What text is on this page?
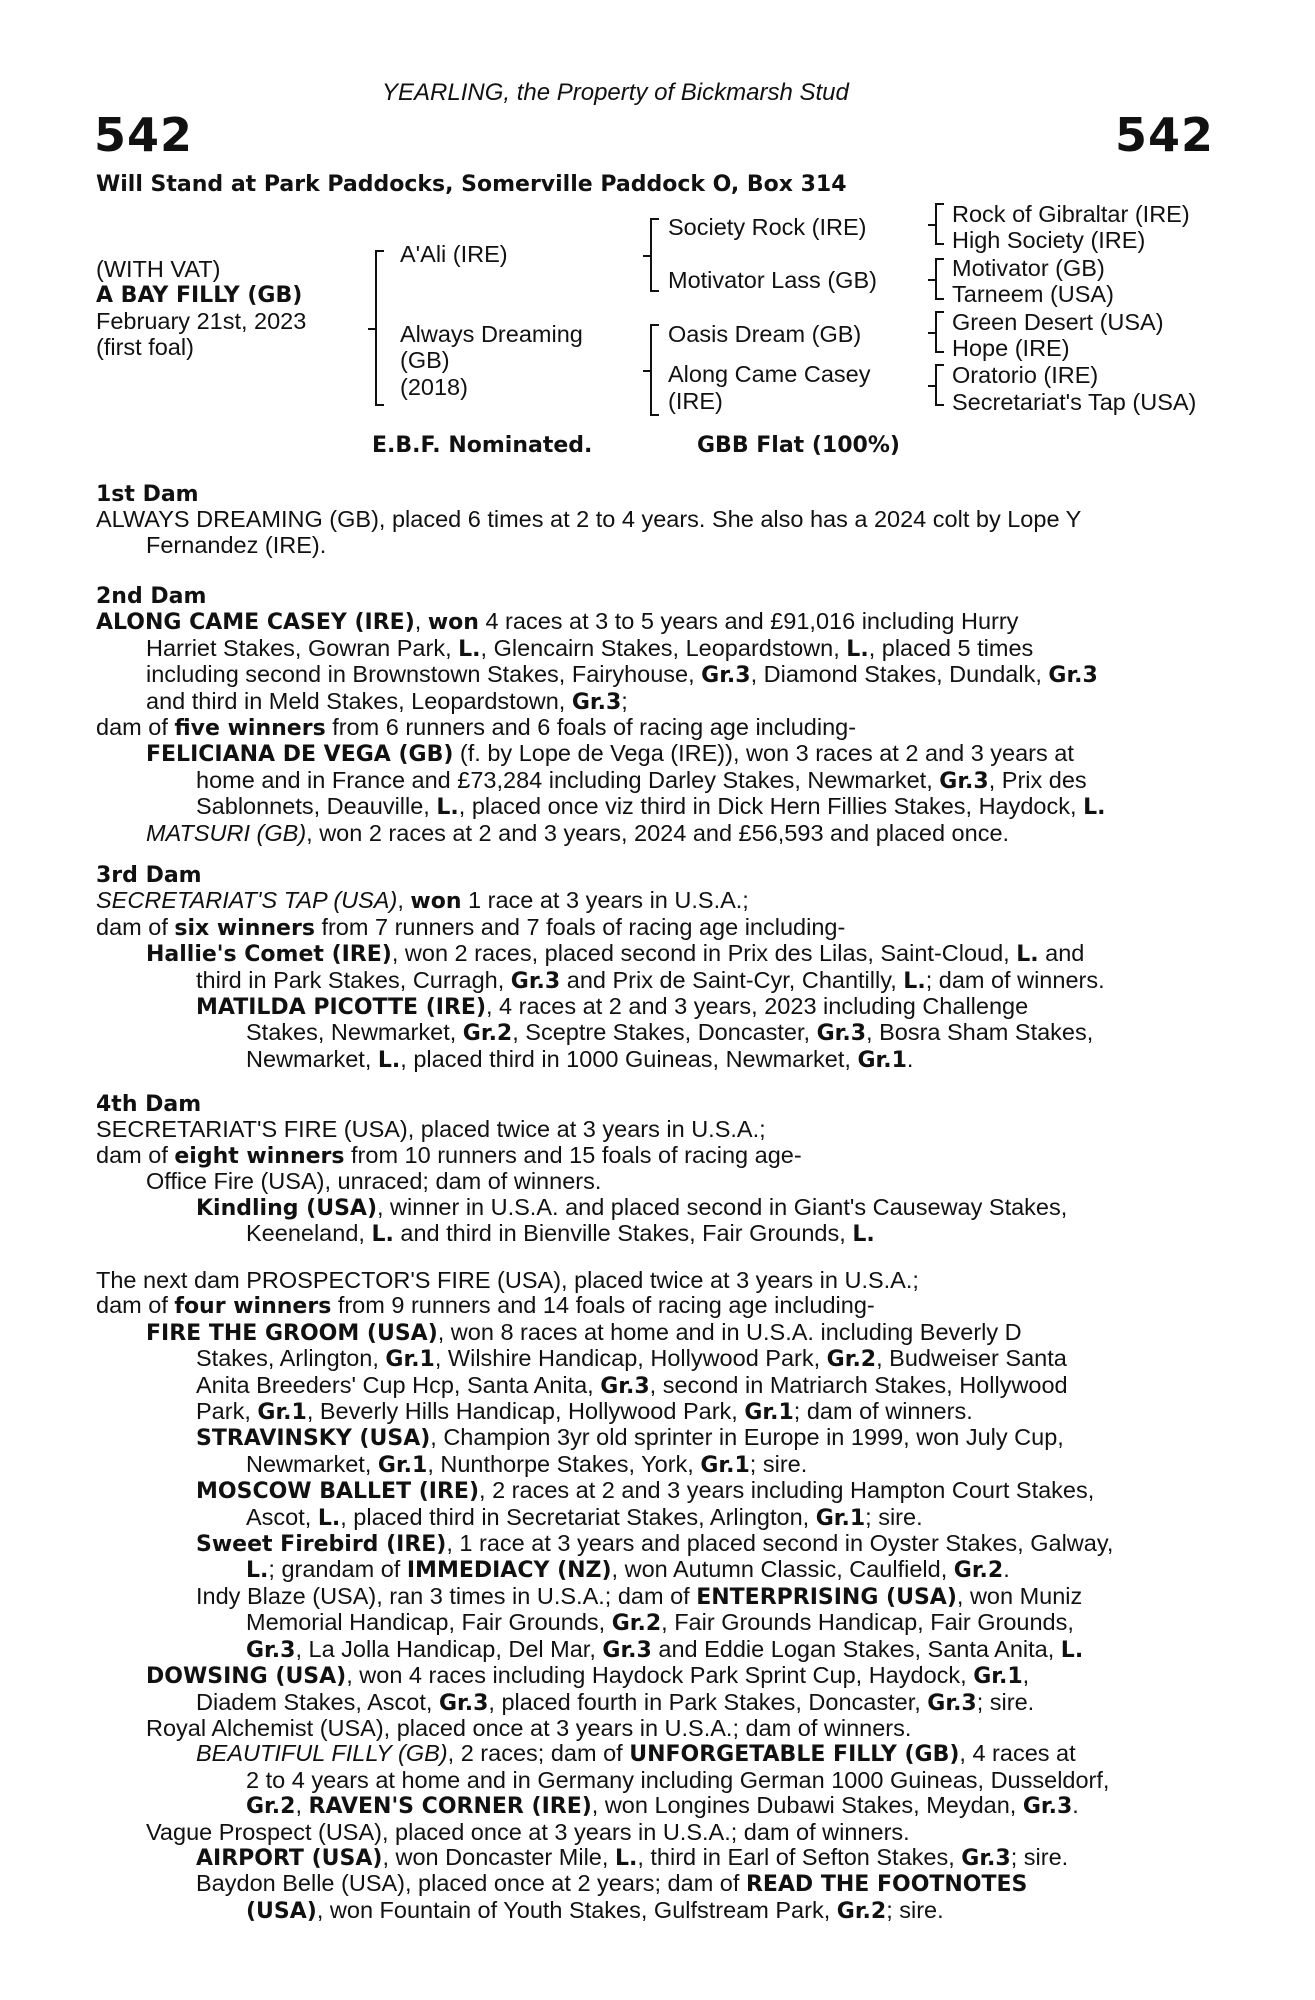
YEARLING, the Property of Bickmarsh Stud
542	542
Will Stand at Park Paddocks, Somerville Paddock O, Box 314
(WITH VAT)
A BAY FILLY (GB)
February 21st, 2023
(first foal)
A'Ali (IRE)
Always Dreaming
(GB)
(2018)
Society Rock (IRE)
Motivator Lass (GB)
Oasis Dream (GB)
Along Came Casey
(IRE)
Rock of Gibraltar (IRE)
High Society (IRE)
Motivator (GB)
Tarneem (USA)
Green Desert (USA)
Hope (IRE)
Oratorio (IRE)
Secretariat's Tap (USA)
E.B.F. Nominated.	GBB Flat (100%)
1st Dam
ALWAYS DREAMING (GB), placed 6 times at 2 to 4 years. She also has a 2024 colt by Lope Y
Fernandez (IRE).
2nd Dam
ALONG CAME CASEY (IRE), won 4 races at 3 to 5 years and £91,016 including Hurry
Harriet Stakes, Gowran Park, L., Glencairn Stakes, Leopardstown, L., placed 5 times
including second in Brownstown Stakes, Fairyhouse, Gr.3, Diamond Stakes, Dundalk, Gr.3
and third in Meld Stakes, Leopardstown, Gr.3;
dam of five winners from 6 runners and 6 foals of racing age including-
FELICIANA DE VEGA (GB) (f. by Lope de Vega (IRE)), won 3 races at 2 and 3 years at
home and in France and £73,284 including Darley Stakes, Newmarket, Gr.3, Prix des
Sablonnets, Deauville, L., placed once viz third in Dick Hern Fillies Stakes, Haydock, L.
MATSURI (GB), won 2 races at 2 and 3 years, 2024 and £56,593 and placed once.
3rd Dam
SECRETARIAT'S TAP (USA), won 1 race at 3 years in U.S.A.;
dam of six winners from 7 runners and 7 foals of racing age including-
Hallie's Comet (IRE), won 2 races, placed second in Prix des Lilas, Saint-Cloud, L. and
third in Park Stakes, Curragh, Gr.3 and Prix de Saint-Cyr, Chantilly, L.; dam of winners.
MATILDA PICOTTE (IRE), 4 races at 2 and 3 years, 2023 including Challenge
Stakes, Newmarket, Gr.2, Sceptre Stakes, Doncaster, Gr.3, Bosra Sham Stakes,
Newmarket, L., placed third in 1000 Guineas, Newmarket, Gr.1.
4th Dam
SECRETARIAT'S FIRE (USA), placed twice at 3 years in U.S.A.;
dam of eight winners from 10 runners and 15 foals of racing age-
Office Fire (USA), unraced; dam of winners.
Kindling (USA), winner in U.S.A. and placed second in Giant's Causeway Stakes,
Keeneland, L. and third in Bienville Stakes, Fair Grounds, L.
The next dam PROSPECTOR'S FIRE (USA), placed twice at 3 years in U.S.A.;
dam of four winners from 9 runners and 14 foals of racing age including-
FIRE THE GROOM (USA), won 8 races at home and in U.S.A. including Beverly D
Stakes, Arlington, Gr.1, Wilshire Handicap, Hollywood Park, Gr.2, Budweiser Santa
Anita Breeders' Cup Hcp, Santa Anita, Gr.3, second in Matriarch Stakes, Hollywood
Park, Gr.1, Beverly Hills Handicap, Hollywood Park, Gr.1; dam of winners.
STRAVINSKY (USA), Champion 3yr old sprinter in Europe in 1999, won July Cup,
Newmarket, Gr.1, Nunthorpe Stakes, York, Gr.1; sire.
MOSCOW BALLET (IRE), 2 races at 2 and 3 years including Hampton Court Stakes,
Ascot, L., placed third in Secretariat Stakes, Arlington, Gr.1; sire.
Sweet Firebird (IRE), 1 race at 3 years and placed second in Oyster Stakes, Galway,
L.; grandam of IMMEDIACY (NZ), won Autumn Classic, Caulfield, Gr.2.
Indy Blaze (USA), ran 3 times in U.S.A.; dam of ENTERPRISING (USA), won Muniz
Memorial Handicap, Fair Grounds, Gr.2, Fair Grounds Handicap, Fair Grounds,
Gr.3, La Jolla Handicap, Del Mar, Gr.3 and Eddie Logan Stakes, Santa Anita, L.
DOWSING (USA), won 4 races including Haydock Park Sprint Cup, Haydock, Gr.1,
Diadem Stakes, Ascot, Gr.3, placed fourth in Park Stakes, Doncaster, Gr.3; sire.
Royal Alchemist (USA), placed once at 3 years in U.S.A.; dam of winners.
BEAUTIFUL FILLY (GB), 2 races; dam of UNFORGETABLE FILLY (GB), 4 races at
2 to 4 years at home and in Germany including German 1000 Guineas, Dusseldorf,
Gr.2, RAVEN'S CORNER (IRE), won Longines Dubawi Stakes, Meydan, Gr.3.
Vague Prospect (USA), placed once at 3 years in U.S.A.; dam of winners.
AIRPORT (USA), won Doncaster Mile, L., third in Earl of Sefton Stakes, Gr.3; sire.
Baydon Belle (USA), placed once at 2 years; dam of READ THE FOOTNOTES
(USA), won Fountain of Youth Stakes, Gulfstream Park, Gr.2; sire.
